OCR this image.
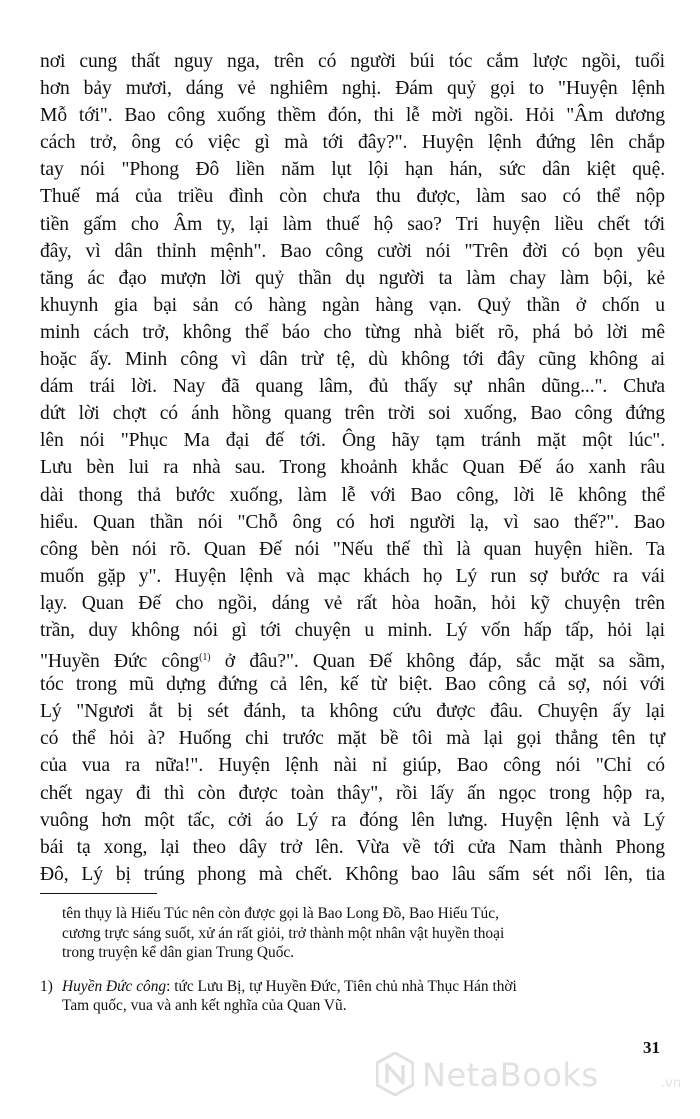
nơi cung thất nguy nga, trên có người búi tóc cắm lược ngồi, tuổi
hơn bảy mươi, dáng vẻ nghiêm nghị. Đám quỷ gọi to "Huyện lệnh
Mỗ tới". Bao công xuống thềm đón, thi lễ mời ngồi. Hỏi "Âm dương
cách trở, ông có việc gì mà tới đây?". Huyện lệnh đứng lên chắp
tay nói "Phong Đô liền năm lụt lội hạn hán, sức dân kiệt quệ.
Thuế má của triều đình còn chưa thu được, làm sao có thể nộp
tiền gấm cho Âm ty, lại làm thuế hộ sao? Tri huyện liều chết tới
đây, vì dân thỉnh mệnh". Bao công cười nói "Trên đời có bọn yêu
tăng ác đạo mượn lời quỷ thần dụ người ta làm chay làm bội, kẻ
khuynh gia bại sản có hàng ngàn hàng vạn. Quỷ thần ở chốn u
minh cách trở, không thể báo cho từng nhà biết rõ, phá bỏ lời mê
hoặc ấy. Minh công vì dân trừ tệ, dù không tới đây cũng không ai
dám trái lời. Nay đã quang lâm, đủ thấy sự nhân dũng...". Chưa
dứt lời chợt có ánh hồng quang trên trời soi xuống, Bao công đứng
lên nói "Phục Ma đại đế tới. Ông hãy tạm tránh mặt một lúc".
Lưu bèn lui ra nhà sau. Trong khoảnh khắc Quan Đế áo xanh râu
dài thong thả bước xuống, làm lễ với Bao công, lời lẽ không thể
hiểu. Quan thần nói "Chỗ ông có hơi người lạ, vì sao thế?". Bao
công bèn nói rõ. Quan Đế nói "Nếu thế thì là quan huyện hiền. Ta
muốn gặp y". Huyện lệnh và mạc khách họ Lý run sợ bước ra vái
lạy. Quan Đế cho ngồi, dáng vẻ rất hòa hoãn, hỏi kỹ chuyện trên
trần, duy không nói gì tới chuyện u minh. Lý vốn hấp tấp, hỏi lại
"Huyền Đức công$^{(1)}$ ở đâu?". Quan Đế không đáp, sắc mặt sa sầm,
tóc trong mũ dựng đứng cả lên, kế từ biệt. Bao công cả sợ, nói với
Lý "Ngươi ắt bị sét đánh, ta không cứu được đâu. Chuyện ấy lại
có thể hỏi à? Huống chi trước mặt bề tôi mà lại gọi thẳng tên tự
của vua ra nữa!". Huyện lệnh nài nỉ giúp, Bao công nói "Chỉ có
chết ngay đi thì còn được toàn thây", rồi lấy ấn ngọc trong hộp ra,
vuông hơn một tấc, cởi áo Lý ra đóng lên lưng. Huyện lệnh và Lý
bái tạ xong, lại theo dây trở lên. Vừa về tới cửa Nam thành Phong
Đô, Lý bị trúng phong mà chết. Không bao lâu sấm sét nổi lên, tia
tên thụy là Hiếu Túc nên còn được gọi là Bao Long Đồ, Bao Hiếu Túc,
cương trực sáng suốt, xử án rất giỏi, trở thành một nhân vật huyền thoại
trong truyện kể dân gian Trung Quốc.
1) Huyền Đức công: tức Lưu Bị, tự Huyền Đức, Tiên chủ nhà Thục Hán thời
Tam quốc, vua và anh kết nghĩa của Quan Vũ.
31
NetaBooks	.vn
